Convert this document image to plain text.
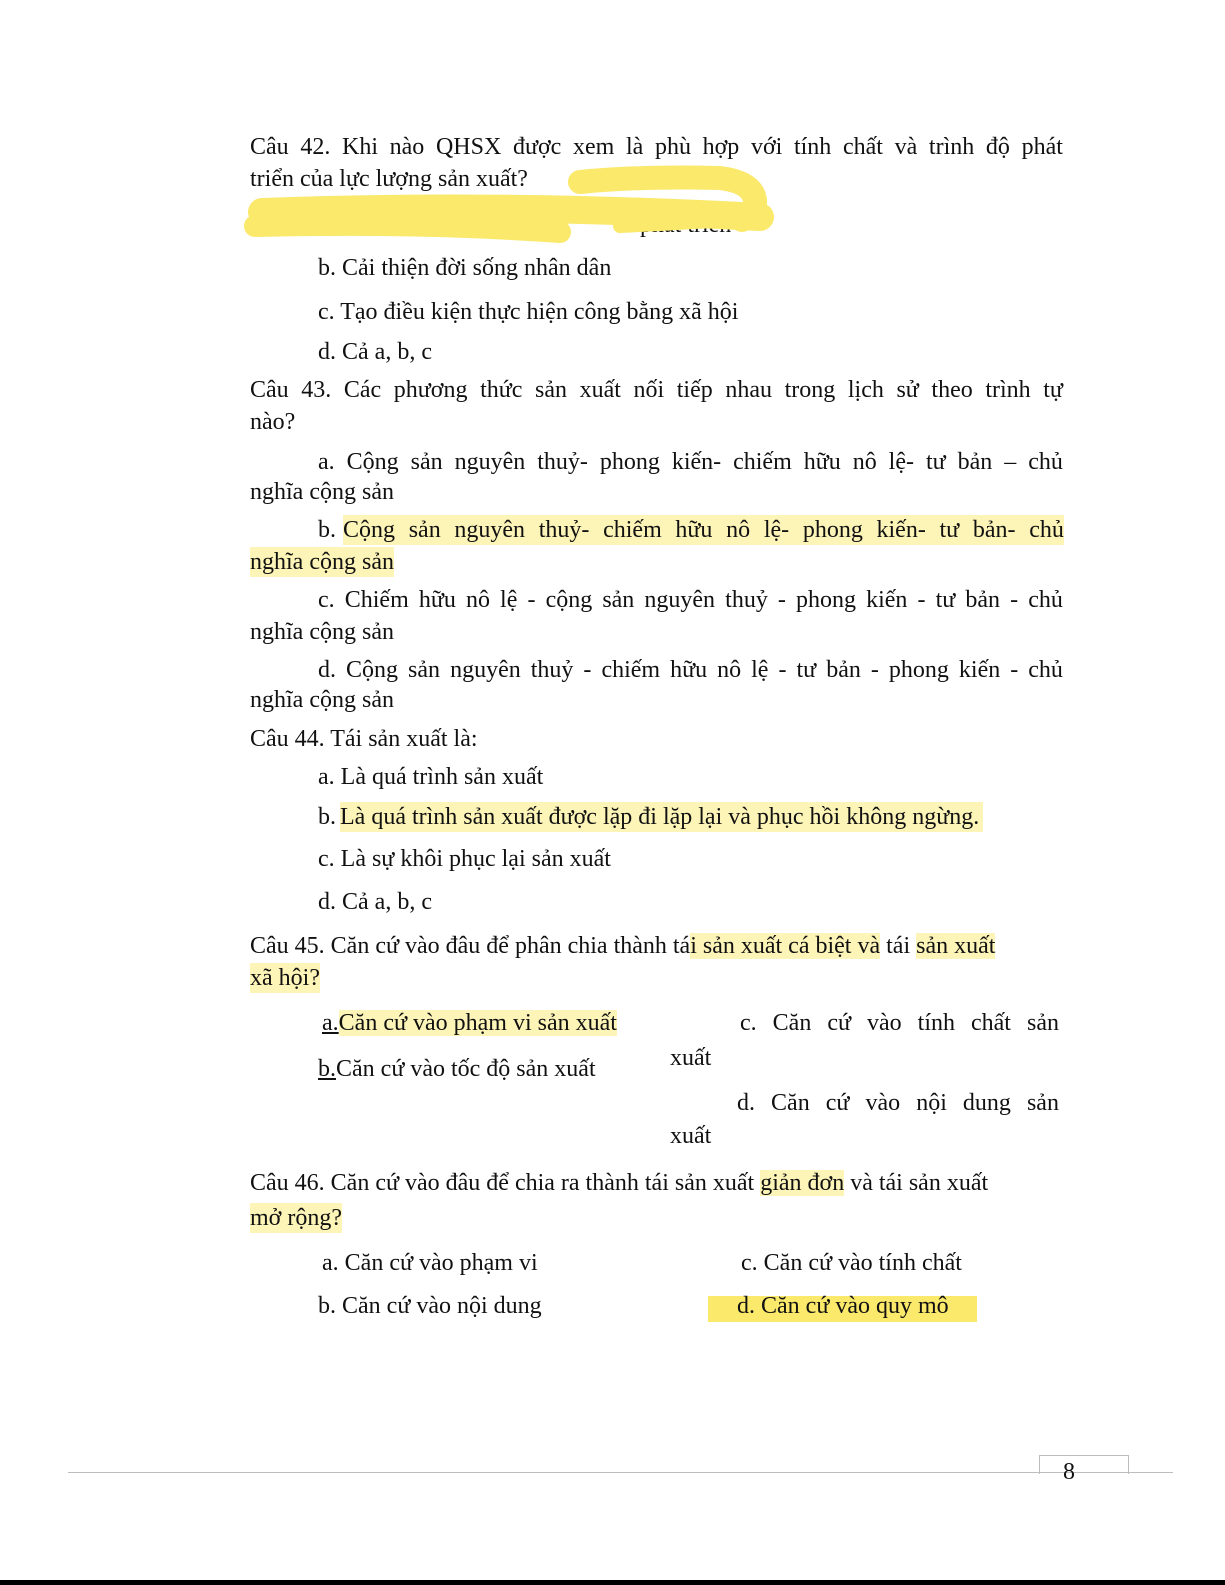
Câu 42. Khi nào QHSX được xem là phù hợp với tính chất và trình độ phát
triển của lực lượng sản xuất?
phát triển
b. Cải thiện đời sống nhân dân
c. Tạo điều kiện thực hiện công bằng xã hội
d. Cả a, b, c
Câu 43. Các phương thức sản xuất nối tiếp nhau trong lịch sử theo trình tự
nào?
a. Cộng sản nguyên thuỷ- phong kiến- chiếm hữu nô lệ- tư bản – chủ
nghĩa cộng sản
b. Cộng sản nguyên thuỷ- chiếm hữu nô lệ- phong kiến- tư bản- chủ
nghĩa cộng sản
c. Chiếm hữu nô lệ - cộng sản nguyên thuỷ - phong kiến - tư bản - chủ
nghĩa cộng sản
d. Cộng sản nguyên thuỷ - chiếm hữu nô lệ - tư bản - phong kiến - chủ
nghĩa cộng sản
Câu 44. Tái sản xuất là:
a. Là quá trình sản xuất
b. Là quá trình sản xuất được lặp đi lặp lại và phục hồi không ngừng.
c. Là sự khôi phục lại sản xuất
d. Cả a, b, c
Câu 45. Căn cứ vào đâu để phân chia thành tái sản xuất cá biệt và tái sản xuất
xã hội?
a.Căn cứ vào phạm vi sản xuất
b.Căn cứ vào tốc độ sản xuất
c. Căn cứ vào tính chất sản
xuất
d. Căn cứ vào nội dung sản
xuất
Câu 46. Căn cứ vào đâu để chia ra thành tái sản xuất giản đơn và tái sản xuất
mở rộng?
a. Căn cứ vào phạm vi
b. Căn cứ vào nội dung
c. Căn cứ vào tính chất
d. Căn cứ vào quy mô
8
